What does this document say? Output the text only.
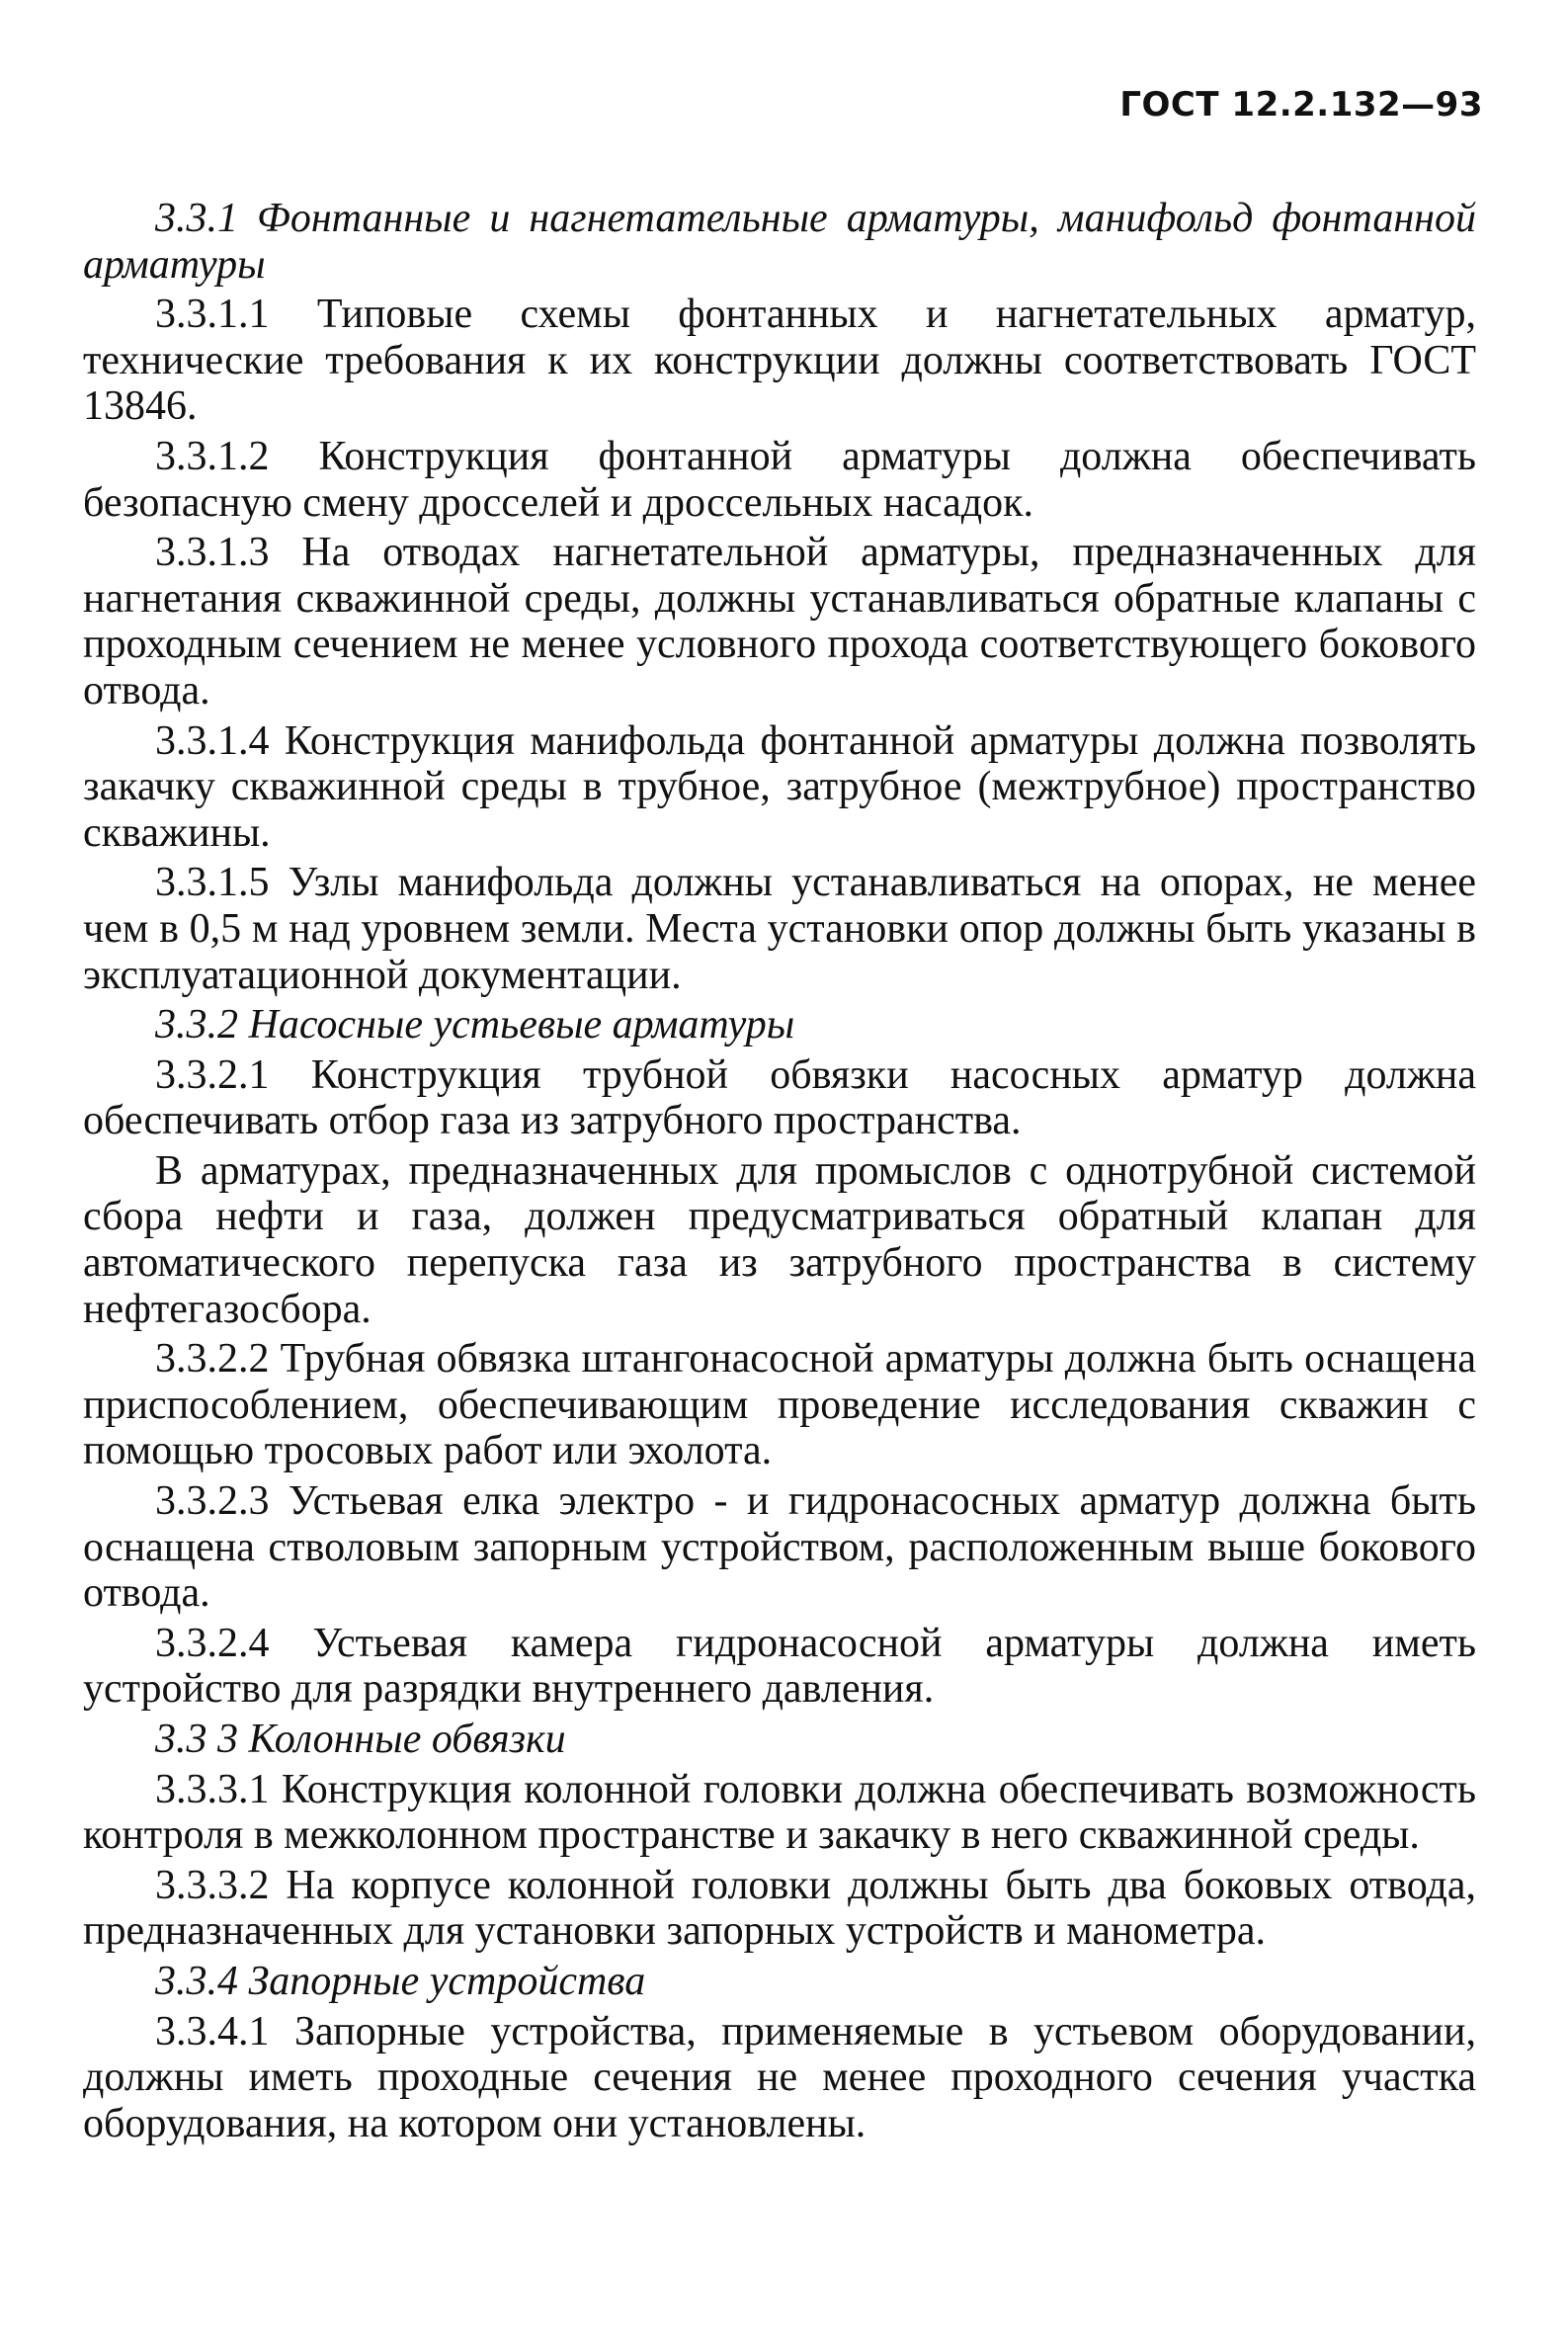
ГОСТ 12.2.132—93

3.3.1 Фонтанные и нагнетательные арматуры, манифольд фонтанной арматуры

3.3.1.1 Типовые схемы фонтанных и нагнетательных арматур, технические требования к их конструкции должны соответствовать ГОСТ 13846.

3.3.1.2 Конструкция фонтанной арматуры должна обеспечивать безопасную смену дросселей и дроссельных насадок.

3.3.1.3 На отводах нагнетательной арматуры, предназначенных для нагнетания скважинной среды, должны устанавливаться обратные клапаны с проходным сечением не менее условного прохода соответствующего бокового отвода.

3.3.1.4 Конструкция манифольда фонтанной арматуры должна позволять закачку скважинной среды в трубное, затрубное (межтрубное) пространство скважины.

3.3.1.5 Узлы манифольда должны устанавливаться на опорах, не менее чем в 0,5 м над уровнем земли. Места установки опор должны быть указаны в эксплуатационной документации.

3.3.2 Насосные устьевые арматуры

3.3.2.1 Конструкция трубной обвязки насосных арматур должна обеспечивать отбор газа из затрубного пространства.

В арматурах, предназначенных для промыслов с однотрубной системой сбора нефти и газа, должен предусматриваться обратный клапан для автоматического перепуска газа из затрубного пространства в систему нефтегазосбора.

3.3.2.2 Трубная обвязка штангонасосной арматуры должна быть оснащена приспособлением, обеспечивающим проведение исследования скважин с помощью тросовых работ или эхолота.

3.3.2.3 Устьевая елка электро - и гидронасосных арматур должна быть оснащена стволовым запорным устройством, расположенным выше бокового отвода.

3.3.2.4 Устьевая камера гидронасосной арматуры должна иметь устройство для разрядки внутреннего давления.

3.3 3 Колонные обвязки

3.3.3.1 Конструкция колонной головки должна обеспечивать возможность контроля в межколонном пространстве и закачку в него скважинной среды.

3.3.3.2 На корпусе колонной головки должны быть два боковых отвода, предназначенных для установки запорных устройств и манометра.

3.3.4 Запорные устройства

3.3.4.1 Запорные устройства, применяемые в устьевом оборудовании, должны иметь проходные сечения не менее проходного сечения участка оборудования, на котором они установлены.
